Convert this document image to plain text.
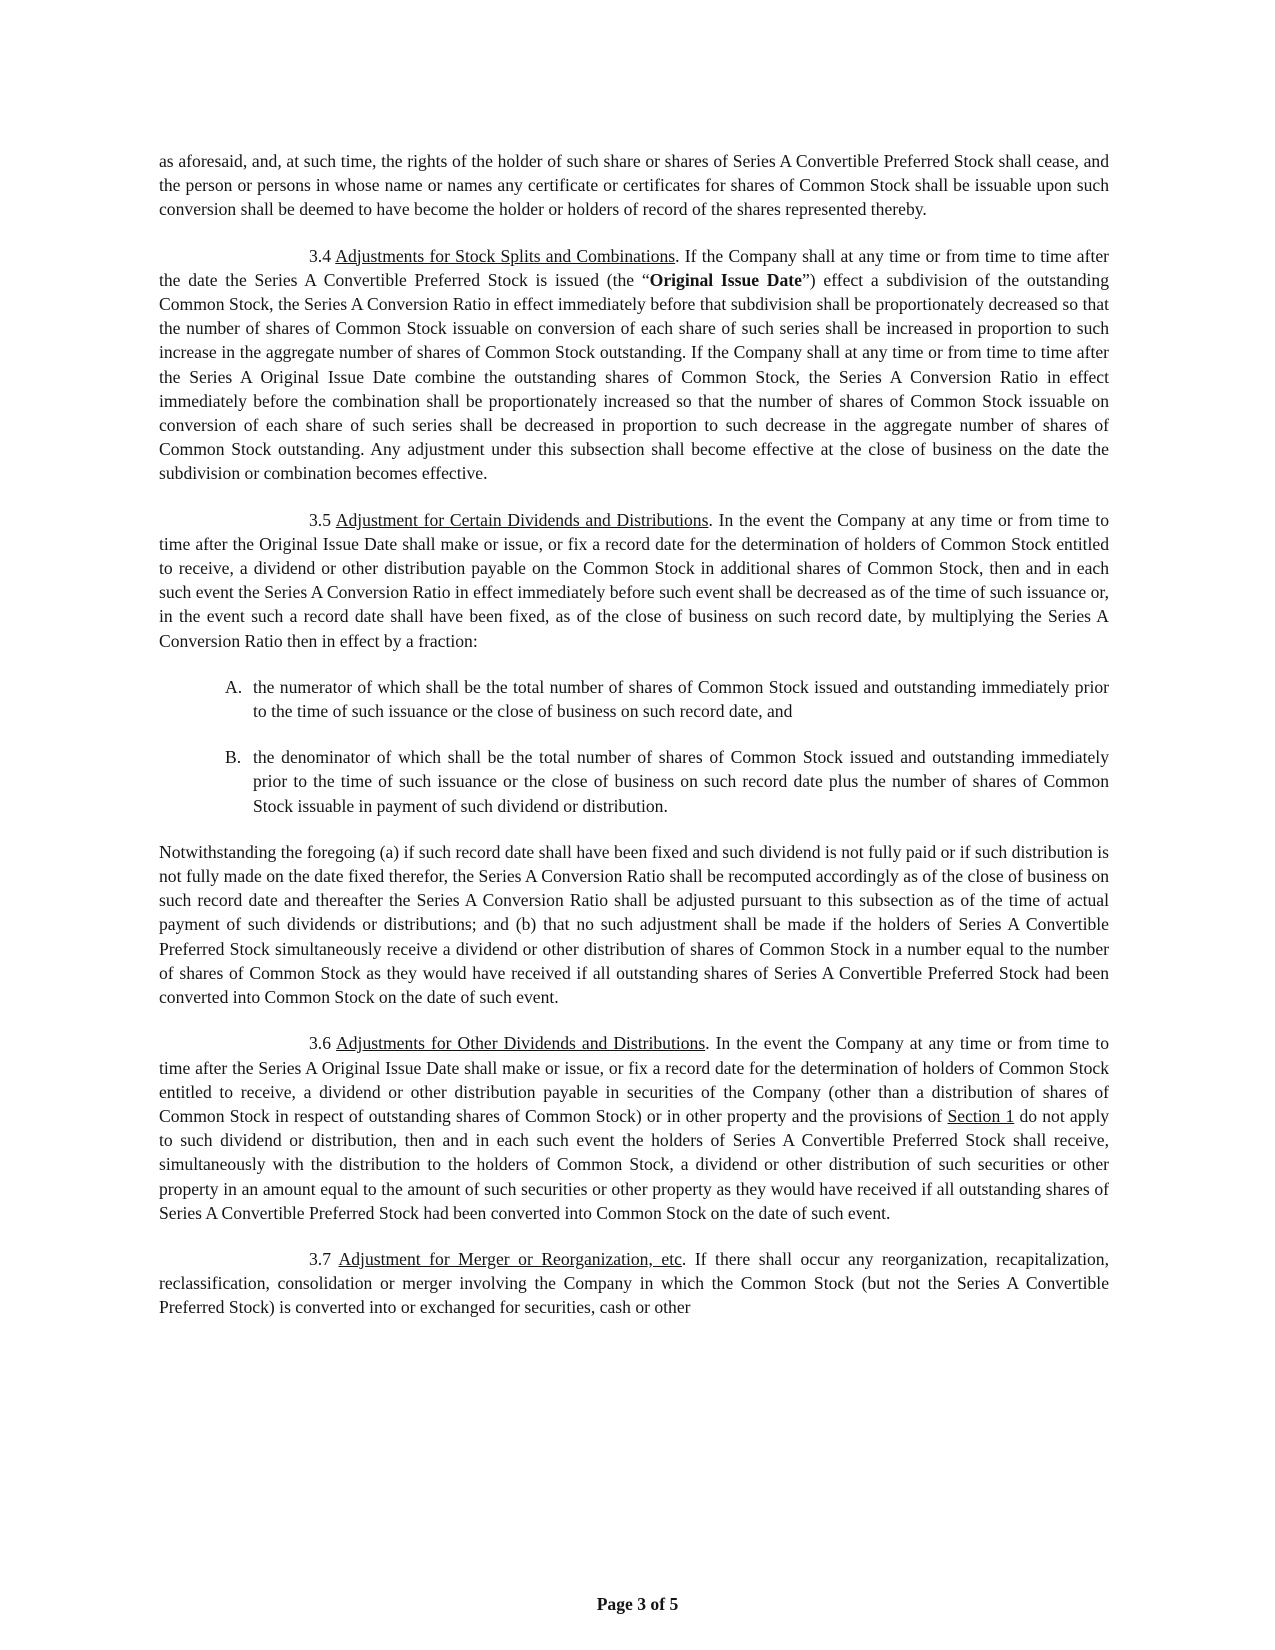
as aforesaid, and, at such time, the rights of the holder of such share or shares of Series A Convertible Preferred Stock shall cease, and the person or persons in whose name or names any certificate or certificates for shares of Common Stock shall be issuable upon such conversion shall be deemed to have become the holder or holders of record of the shares represented thereby.

3.4 Adjustments for Stock Splits and Combinations. If the Company shall at any time or from time to time after the date the Series A Convertible Preferred Stock is issued (the “Original Issue Date”) effect a subdivision of the outstanding Common Stock, the Series A Conversion Ratio in effect immediately before that subdivision shall be proportionately decreased so that the number of shares of Common Stock issuable on conversion of each share of such series shall be increased in proportion to such increase in the aggregate number of shares of Common Stock outstanding. If the Company shall at any time or from time to time after the Series A Original Issue Date combine the outstanding shares of Common Stock, the Series A Conversion Ratio in effect immediately before the combination shall be proportionately increased so that the number of shares of Common Stock issuable on conversion of each share of such series shall be decreased in proportion to such decrease in the aggregate number of shares of Common Stock outstanding. Any adjustment under this subsection shall become effective at the close of business on the date the subdivision or combination becomes effective.

3.5 Adjustment for Certain Dividends and Distributions. In the event the Company at any time or from time to time after the Original Issue Date shall make or issue, or fix a record date for the determination of holders of Common Stock entitled to receive, a dividend or other distribution payable on the Common Stock in additional shares of Common Stock, then and in each such event the Series A Conversion Ratio in effect immediately before such event shall be decreased as of the time of such issuance or, in the event such a record date shall have been fixed, as of the close of business on such record date, by multiplying the Series A Conversion Ratio then in effect by a fraction:

A. the numerator of which shall be the total number of shares of Common Stock issued and outstanding immediately prior to the time of such issuance or the close of business on such record date, and
B. the denominator of which shall be the total number of shares of Common Stock issued and outstanding immediately prior to the time of such issuance or the close of business on such record date plus the number of shares of Common Stock issuable in payment of such dividend or distribution.

Notwithstanding the foregoing (a) if such record date shall have been fixed and such dividend is not fully paid or if such distribution is not fully made on the date fixed therefor, the Series A Conversion Ratio shall be recomputed accordingly as of the close of business on such record date and thereafter the Series A Conversion Ratio shall be adjusted pursuant to this subsection as of the time of actual payment of such dividends or distributions; and (b) that no such adjustment shall be made if the holders of Series A Convertible Preferred Stock simultaneously receive a dividend or other distribution of shares of Common Stock in a number equal to the number of shares of Common Stock as they would have received if all outstanding shares of Series A Convertible Preferred Stock had been converted into Common Stock on the date of such event.

3.6 Adjustments for Other Dividends and Distributions. In the event the Company at any time or from time to time after the Series A Original Issue Date shall make or issue, or fix a record date for the determination of holders of Common Stock entitled to receive, a dividend or other distribution payable in securities of the Company (other than a distribution of shares of Common Stock in respect of outstanding shares of Common Stock) or in other property and the provisions of Section 1 do not apply to such dividend or distribution, then and in each such event the holders of Series A Convertible Preferred Stock shall receive, simultaneously with the distribution to the holders of Common Stock, a dividend or other distribution of such securities or other property in an amount equal to the amount of such securities or other property as they would have received if all outstanding shares of Series A Convertible Preferred Stock had been converted into Common Stock on the date of such event.

3.7 Adjustment for Merger or Reorganization, etc. If there shall occur any reorganization, recapitalization, reclassification, consolidation or merger involving the Company in which the Common Stock (but not the Series A Convertible Preferred Stock) is converted into or exchanged for securities, cash or other

Page 3 of 5
